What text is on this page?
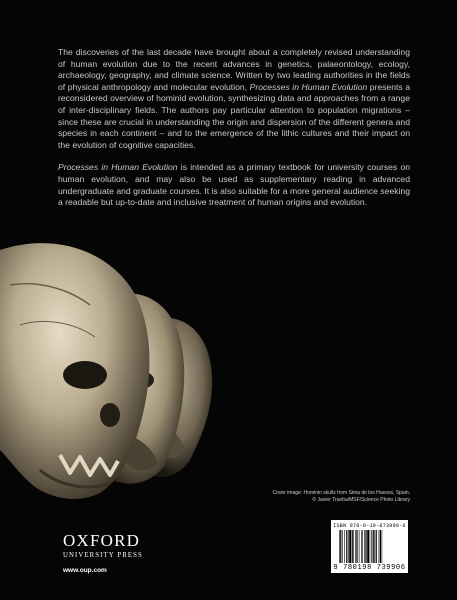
The discoveries of the last decade have brought about a completely revised understanding of human evolution due to the recent advances in genetics, palaeontology, ecology, archaeology, geography, and climate science. Written by two leading authorities in the fields of physical anthropology and molecular evolution, Processes in Human Evolution presents a reconsidered overview of hominid evolution, synthesizing data and approaches from a range of inter-disciplinary fields. The authors pay particular attention to population migrations – since these are crucial in understanding the origin and dispersion of the different genera and species in each continent – and to the emergence of the lithic cultures and their impact on the evolution of cognitive capacities.

Processes in Human Evolution is intended as a primary textbook for university courses on human evolution, and may also be used as supplementary reading in advanced undergraduate and graduate courses. It is also suitable for a more general audience seeking a readable but up-to-date and inclusive treatment of human origins and evolution.

Cover image: Hominin skulls from Sima de los Huesos, Spain.
© Javier Trueba/MSF/Science Photo Library
OXFORD
UNIVERSITY PRESS
www.oup.com
ISBN 978-0-19-873990-6
9 780198 739906
